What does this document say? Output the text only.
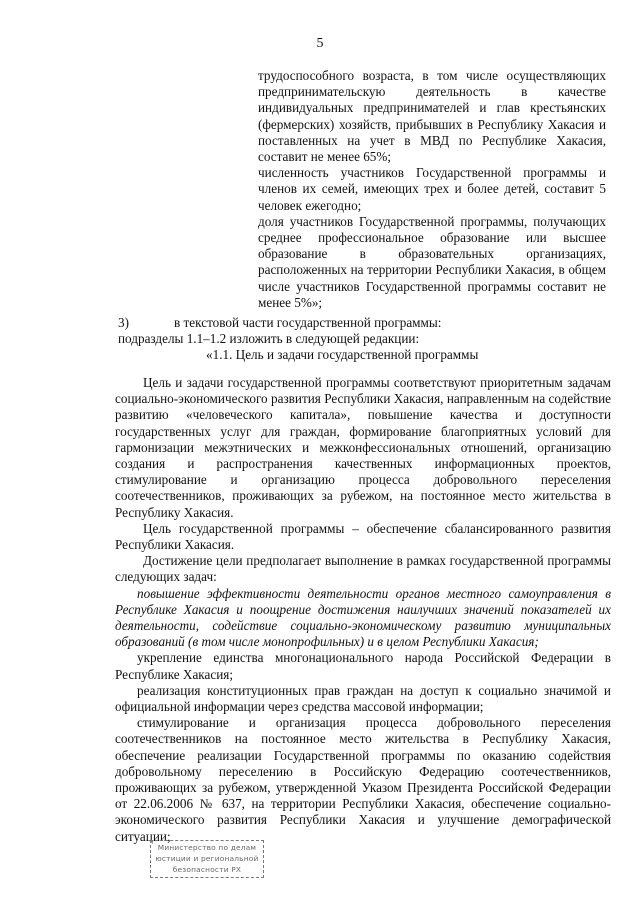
5

трудоспособного возраста, в том числе осуществляющих предпринимательскую деятельность в качестве индивидуальных предпринимателей и глав крестьянских (фермерских) хозяйств, прибывших в Республику Хакасия и поставленных на учет в МВД по Республике Хакасия, составит не менее 65%;

численность участников Государственной программы и членов их семей, имеющих трех и более детей, составит 5 человек ежегодно;

доля участников Государственной программы, получающих среднее профессиональное образование или высшее образование в образовательных организациях, расположенных на территории Республики Хакасия, в общем числе участников Государственной программы составит не менее 5%»;

3)	в текстовой части государственной программы:
подразделы 1.1–1.2 изложить в следующей редакции:
«1.1. Цель и задачи государственной программы

Цель и задачи государственной программы соответствуют приоритетным задачам социально-экономического развития Республики Хакасия, направленным на содействие развитию «человеческого капитала», повышение качества и доступности государственных услуг для граждан, формирование благоприятных условий для гармонизации межэтнических и межконфессиональных отношений, организацию создания и распространения качественных информационных проектов, стимулирование и организацию процесса добровольного переселения соотечественников, проживающих за рубежом, на постоянное место жительства в Республику Хакасия.

Цель государственной программы – обеспечение сбалансированного развития Республики Хакасия.

Достижение цели предполагает выполнение в рамках государственной программы следующих задач:

повышение эффективности деятельности органов местного самоуправления в Республике Хакасия и поощрение достижения наилучших значений показателей их деятельности, содействие социально-экономическому развитию муниципальных образований (в том числе монопрофильных) и в целом Республики Хакасия;

укрепление единства многонационального народа Российской Федерации в Республике Хакасия;

реализация конституционных прав граждан на доступ к социально значимой и официальной информации через средства массовой информации;

стимулирование и организация процесса добровольного переселения соотечественников на постоянное место жительства в Республику Хакасия, обеспечение реализации Государственной программы по оказанию содействия добровольному переселению в Российскую Федерацию соотечественников, проживающих за рубежом, утвержденной Указом Президента Российской Федерации от 22.06.2006 № 637, на территории Республики Хакасия, обеспечение социально-экономического развития Республики Хакасия и улучшение демографической ситуации;

Министерство по делам
юстиции и региональной
безопасности РХ
